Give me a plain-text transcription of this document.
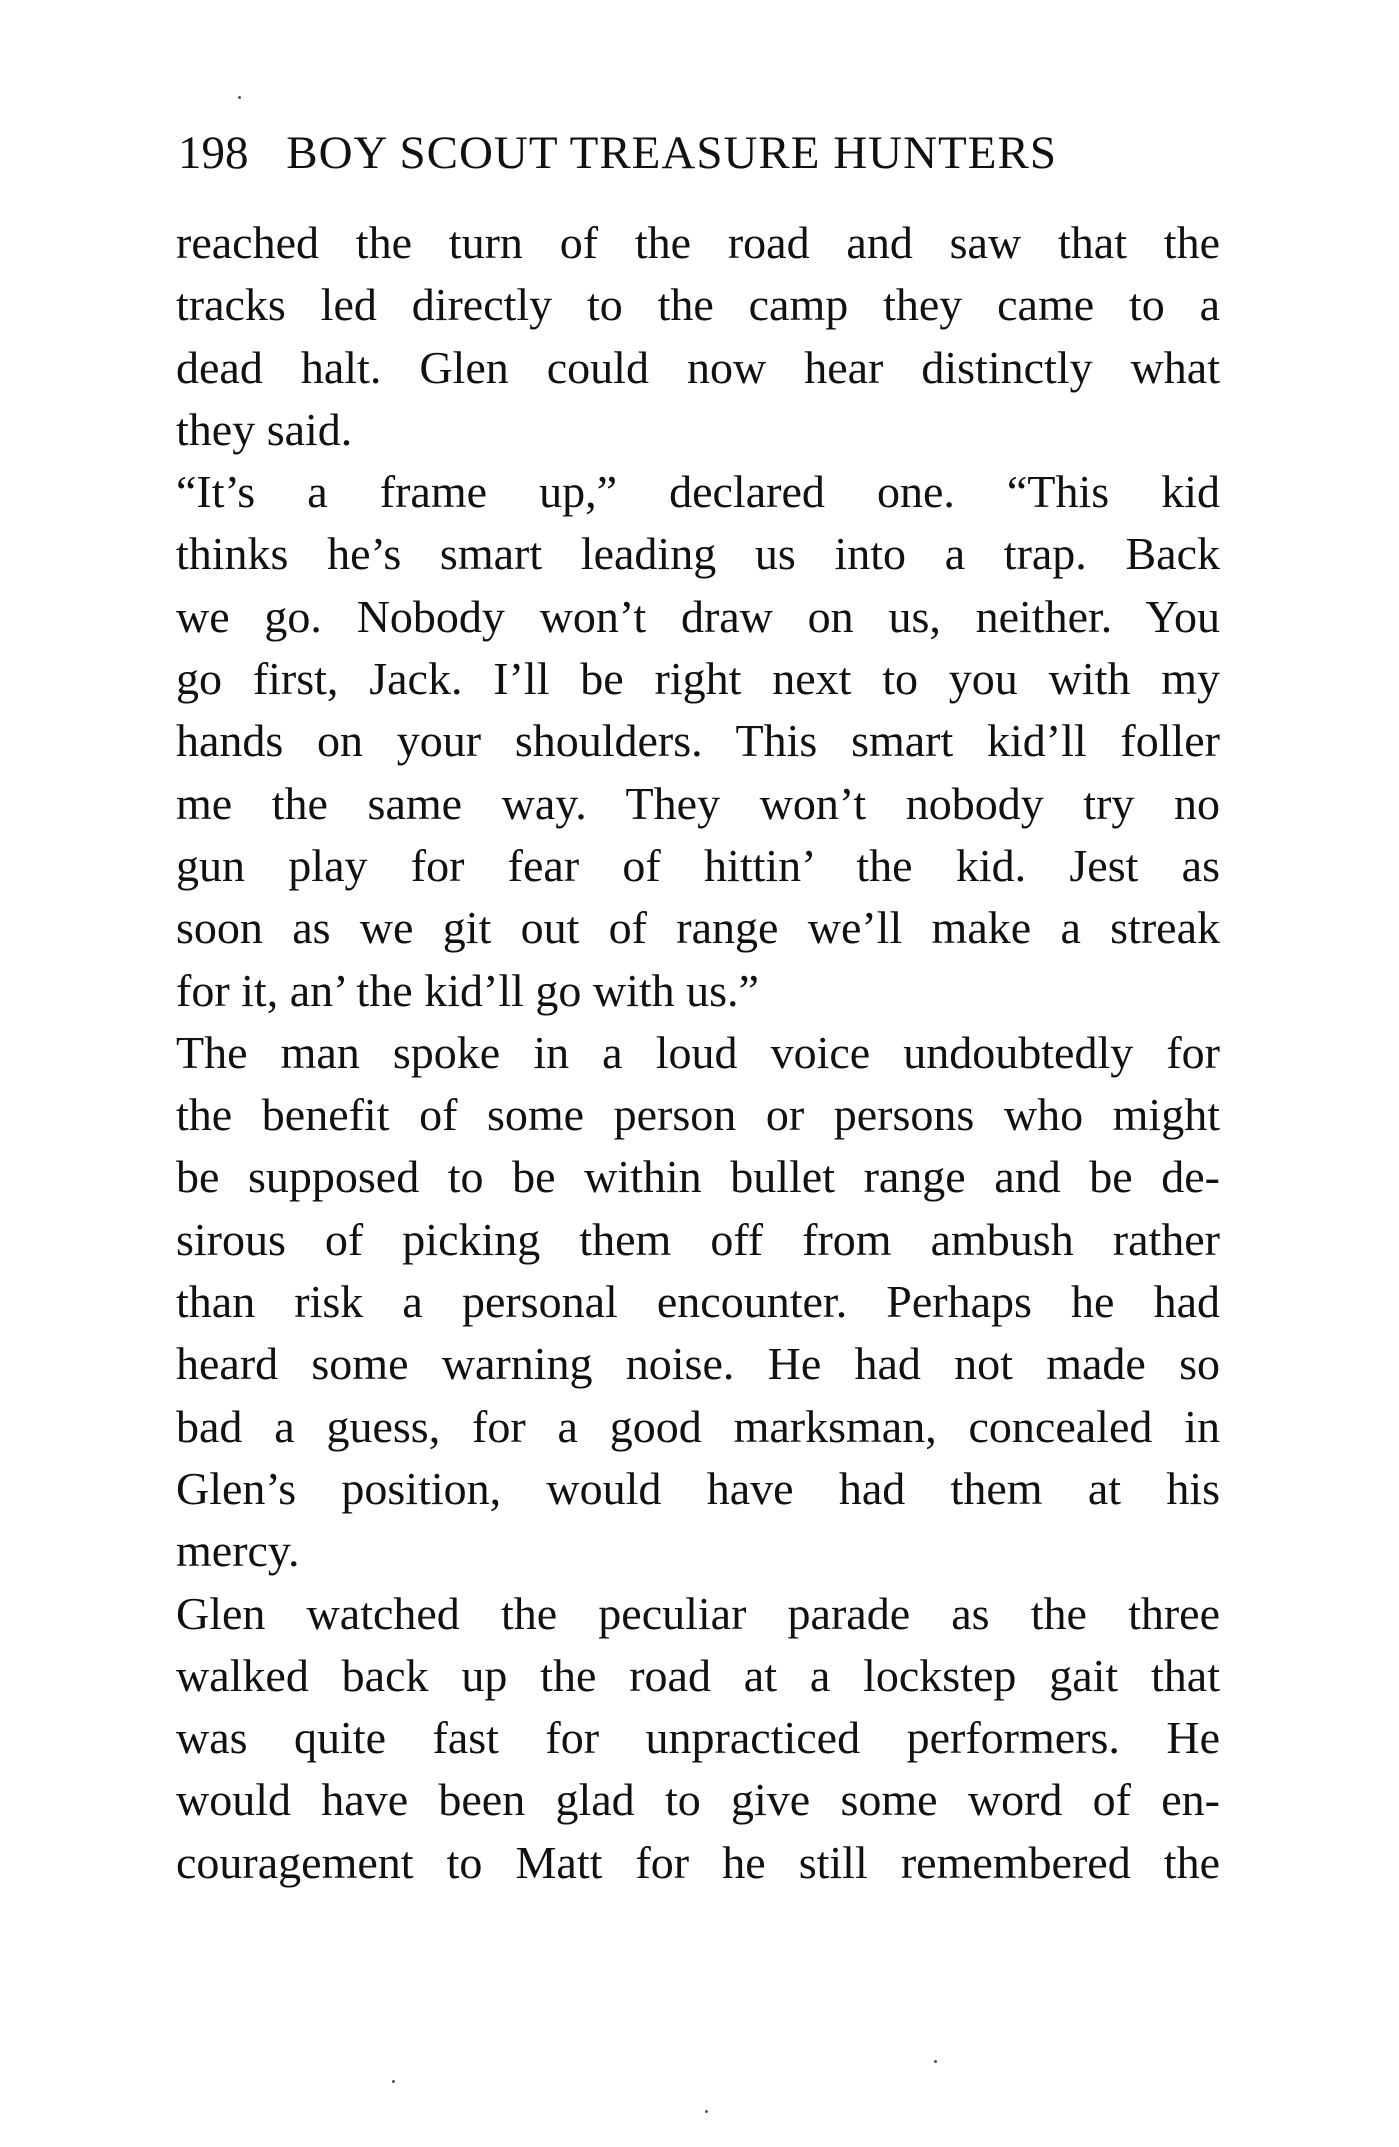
198 BOY SCOUT TREASURE HUNTERS
reached the turn of the road and saw that the
tracks led directly to the camp they came to a
dead halt. Glen could now hear distinctly what
they said.
“It’s a frame up,” declared one. “This kid
thinks he’s smart leading us into a trap. Back
we go. Nobody won’t draw on us, neither. You
go first, Jack. I’ll be right next to you with my
hands on your shoulders. This smart kid’ll foller
me the same way. They won’t nobody try no
gun play for fear of hittin’ the kid. Jest as
soon as we git out of range we’ll make a streak
for it, an’ the kid’ll go with us.”
The man spoke in a loud voice undoubtedly for
the benefit of some person or persons who might
be supposed to be within bullet range and be de-
sirous of picking them off from ambush rather
than risk a personal encounter. Perhaps he had
heard some warning noise. He had not made so
bad a guess, for a good marksman, concealed in
Glen’s position, would have had them at his
mercy.
Glen watched the peculiar parade as the three
walked back up the road at a lockstep gait that
was quite fast for unpracticed performers. He
would have been glad to give some word of en-
couragement to Matt for he still remembered the
